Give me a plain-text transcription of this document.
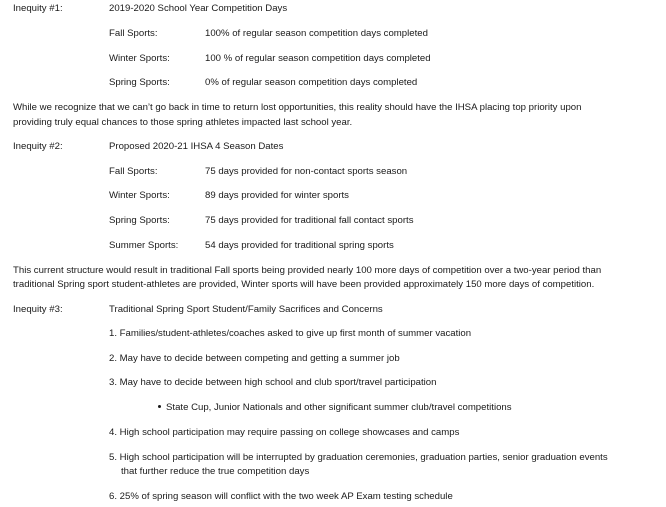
Inequity #1:	2019-2020 School Year Competition Days
Fall Sports:	100% of regular season competition days completed
Winter Sports:	100 % of regular season competition days completed
Spring Sports:	0% of regular season competition days completed
While we recognize that we can’t go back in time to return lost opportunities, this reality should have the IHSA placing top priority upon
providing truly equal chances to those spring athletes impacted last school year.
Inequity #2:	Proposed 2020-21 IHSA 4 Season Dates
Fall Sports:	75 days provided for non-contact sports season
Winter Sports:	89 days provided for winter sports
Spring Sports:	75 days provided for traditional fall contact sports
Summer Sports:	54 days provided for traditional spring sports
This current structure would result in traditional Fall sports being provided nearly 100 more days of competition over a two-year period than
traditional Spring sport student-athletes are provided, Winter sports will have been provided approximately 150 more days of competition.
Inequity #3:	Traditional Spring Sport Student/Family Sacrifices and Concerns
1. Families/student-athletes/coaches asked to give up first month of summer vacation
2. May have to decide between competing and getting a summer job
3. May have to decide between high school and club sport/travel participation
State Cup, Junior Nationals and other significant summer club/travel competitions
4. High school participation may require passing on college showcases and camps
5. High school participation will be interrupted by graduation ceremonies, graduation parties, senior graduation events
that further reduce the true competition days
6. 25% of spring season will conflict with the two week AP Exam testing schedule
